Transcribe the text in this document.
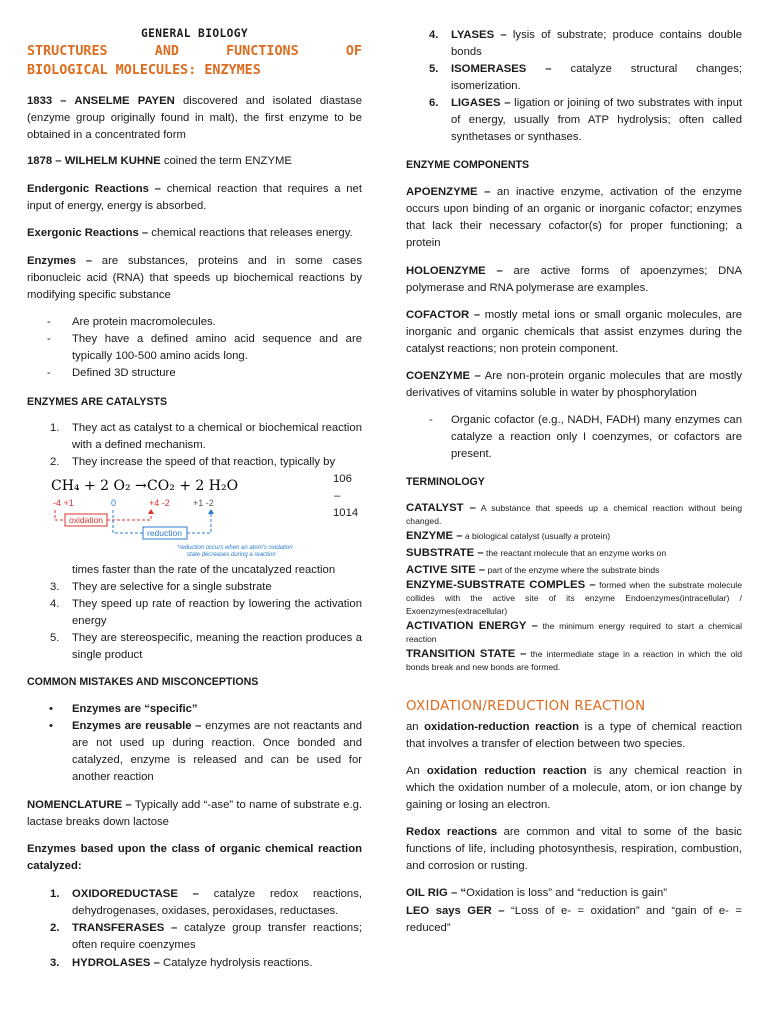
GENERAL BIOLOGY

STRUCTURES	AND	FUNCTIONS	OF

BIOLOGICAL MOLECULES: ENZYMES

1833 – ANSELME PAYEN discovered and isolated diastase (enzyme group originally found in malt), the first enzyme to be obtained in a concentrated form

1878 – WILHELM KUHNE coined the term ENZYME

Endergonic Reactions – chemical reaction that requires a net input of energy, energy is absorbed.

Exergonic Reactions – chemical reactions that releases energy.

Enzymes – are substances, proteins and in some cases ribonucleic acid (RNA) that speeds up biochemical reactions by modifying specific substance

- Are protein macromolecules.
- They have a defined amino acid sequence and are typically 100-500 amino acids long.
- Defined 3D structure

ENZYMES ARE CATALYSTS

1. They act as catalyst to a chemical or biochemical reaction with a defined mechanism.
2. They increase the speed of that reaction, typically by
106
–
1014
CH₄ + 2 O₂ → CO₂ + 2 H₂O
-4 +1	0	+4 -2	+1 -2
oxidation
reduction
*reduction occurs when an atom's oxidation
state decreases during a reaction
times faster than the rate of the uncatalyzed reaction
3. They are selective for a single substrate
4. They speed up rate of reaction by lowering the activation energy
5. They are stereospecific, meaning the reaction produces a single product

COMMON MISTAKES AND MISCONCEPTIONS

• Enzymes are “specific”
• Enzymes are reusable – enzymes are not reactants and are not used up during reaction. Once bonded and catalyzed, enzyme is released and can be used for another reaction

NOMENCLATURE – Typically add “-ase” to name of substrate e.g. lactase breaks down lactose

Enzymes based upon the class of organic chemical reaction catalyzed:

1. OXIDOREDUCTASE – catalyze redox reactions, dehydrogenases, oxidases, peroxidases, reductases.
2. TRANSFERASES – catalyze group transfer reactions; often require coenzymes
3. HYDROLASES – Catalyze hydrolysis reactions.
4. LYASES – lysis of substrate; produce contains double bonds
5. ISOMERASES – catalyze structural changes; isomerization.
6. LIGASES – ligation or joining of two substrates with input of energy, usually from ATP hydrolysis; often called synthetases or synthases.

ENZYME COMPONENTS

APOENZYME – an inactive enzyme, activation of the enzyme occurs upon binding of an organic or inorganic cofactor; enzymes that lack their necessary cofactor(s) for proper functioning; a protein

HOLOENZYME – are active forms of apoenzymes; DNA polymerase and RNA polymerase are examples.

COFACTOR – mostly metal ions or small organic molecules, are inorganic and organic chemicals that assist enzymes during the catalyst reactions; non protein component.

COENZYME – Are non-protein organic molecules that are mostly derivatives of vitamins soluble in water by phosphorylation

- Organic cofactor (e.g., NADH, FADH) many enzymes can catalyze a reaction only I coenzymes, or cofactors are present.

TERMINOLOGY

CATALYST – A substance that speeds up a chemical reaction without being changed.

ENZYME – a biological catalyst (usually a protein)

SUBSTRATE – the reactant molecule that an enzyme works on

ACTIVE SITE – part of the enzyme where the substrate binds

ENZYME-SUBSTRATE COMPLES – formed when the substrate molecule collides with the active site of its enzyme Endoenzymes(intracellular) / Exoenzymes(extracellular)

ACTIVATION ENERGY – the minimum energy required to start a chemical reaction

TRANSITION STATE – the intermediate stage in a reaction in which the old bonds break and new bonds are formed.

OXIDATION/REDUCTION REACTION

an oxidation-reduction reaction is a type of chemical reaction that involves a transfer of election between two species.

An oxidation reduction reaction is any chemical reaction in which the oxidation number of a molecule, atom, or ion change by gaining or losing an electron.

Redox reactions are common and vital to some of the basic functions of life, including photosynthesis, respiration, combustion, and corrosion or rusting.

OIL RIG – “Oxidation is loss” and “reduction is gain”

LEO says GER – “Loss of e- = oxidation” and “gain of e- = reduced”
